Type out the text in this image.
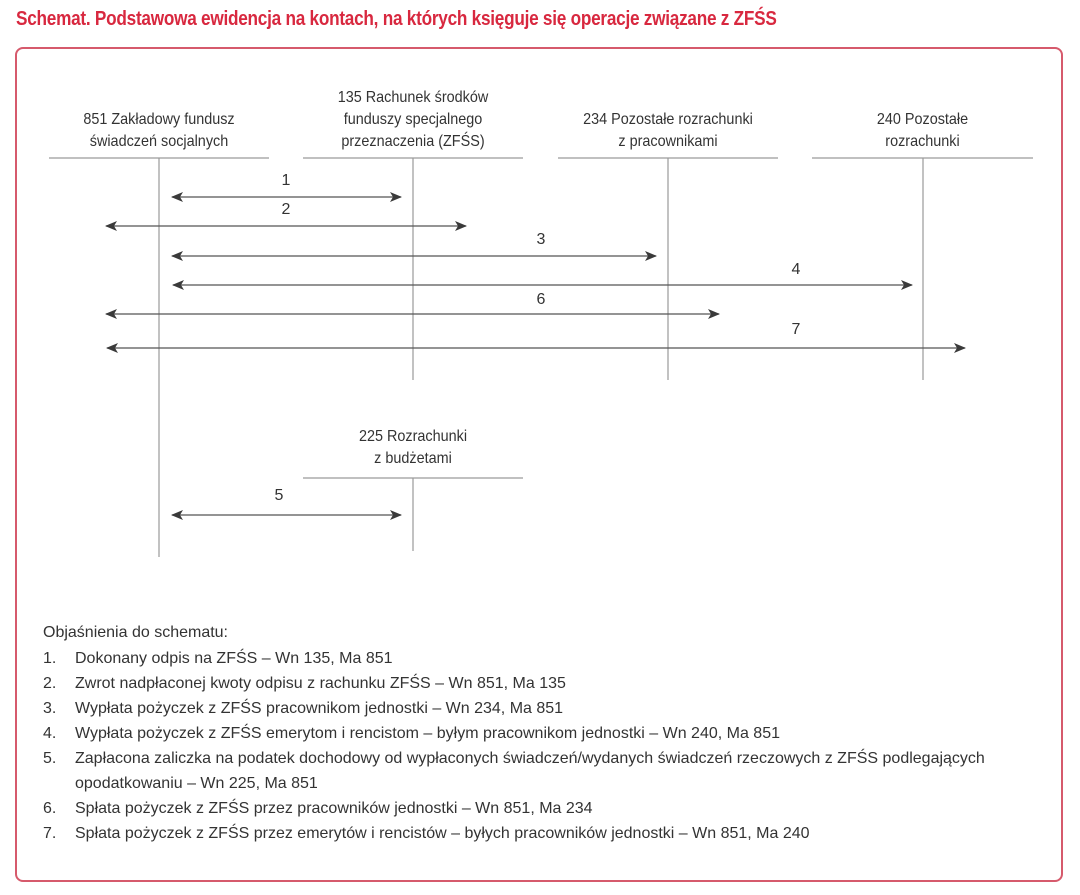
Schemat. Podstawowa ewidencja na kontach, na których księguje się operacje związane z ZFŚS
851 Zakładowy fundusz
świadczeń socjalnych
135 Rachunek środków
funduszy specjalnego
przeznaczenia (ZFŚS)
234 Pozostałe rozrachunki
z pracownikami
240 Pozostałe
rozrachunki
225 Rozrachunki
z budżetami
1
2
3
4
6
7
5
Objaśnienia do schematu:
1.	Dokonany odpis na ZFŚS – Wn 135, Ma 851
2.	Zwrot nadpłaconej kwoty odpisu z rachunku ZFŚS – Wn 851, Ma 135
3.	Wypłata pożyczek z ZFŚS pracownikom jednostki – Wn 234, Ma 851
4.	Wypłata pożyczek z ZFŚS emerytom i rencistom – byłym pracownikom jednostki – Wn 240, Ma 851
5.	Zapłacona zaliczka na podatek dochodowy od wypłaconych świadczeń/wydanych świadczeń rzeczowych z ZFŚS podlegających opodatkowaniu – Wn 225, Ma 851
6.	Spłata pożyczek z ZFŚS przez pracowników jednostki – Wn 851, Ma 234
7.	Spłata pożyczek z ZFŚS przez emerytów i rencistów – byłych pracowników jednostki – Wn 851, Ma 240
